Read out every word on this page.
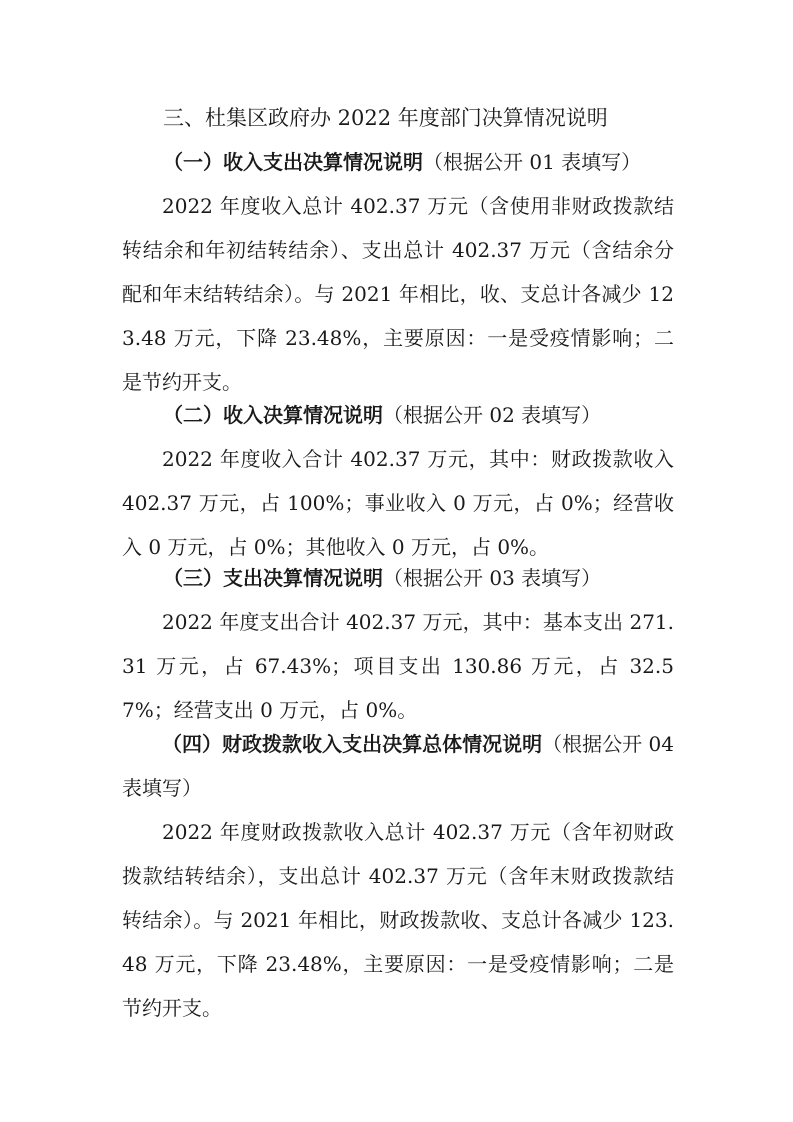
三、杜集区政府办 2022 年度部门决算情况说明
（一）收入支出决算情况说明（根据公开 01 表填写）
2022 年度收入总计 402.37 万元（含使用非财政拨款结转结余和年初结转结余）、支出总计 402.37 万元（含结余分配和年末结转结余）。与 2021 年相比，收、支总计各减少 123.48 万元，下降 23.48%，主要原因：一是受疫情影响；二是节约开支。
（二）收入决算情况说明（根据公开 02 表填写）
2022 年度收入合计 402.37 万元，其中：财政拨款收入 402.37 万元，占 100%；事业收入 0 万元，占 0%；经营收入 0 万元，占 0%；其他收入 0 万元，占 0%。
（三）支出决算情况说明（根据公开 03 表填写）
2022 年度支出合计 402.37 万元，其中：基本支出 271.31 万元，占 67.43%；项目支出 130.86 万元，占 32.57%；经营支出 0 万元，占 0%。
（四）财政拨款收入支出决算总体情况说明（根据公开 04 表填写）
2022 年度财政拨款收入总计 402.37 万元（含年初财政拨款结转结余），支出总计 402.37 万元（含年末财政拨款结转结余）。与 2021 年相比，财政拨款收、支总计各减少 123.48 万元，下降 23.48%，主要原因：一是受疫情影响；二是节约开支。
